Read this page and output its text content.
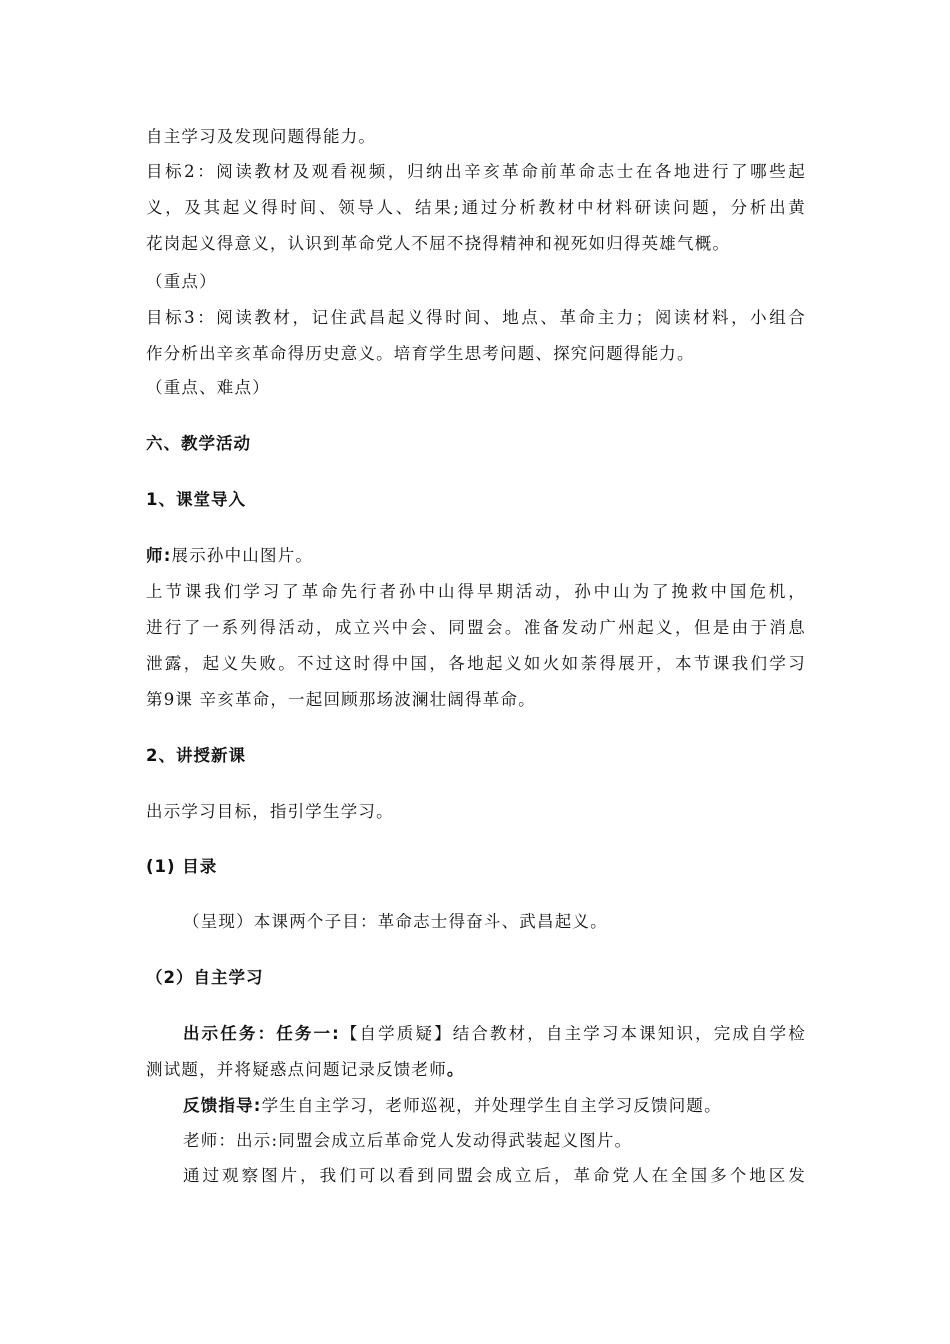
自主学习及发现问题得能力。
目标2：阅读教材及观看视频，归纳出辛亥革命前革命志士在各地进行了哪些起
义，及其起义得时间、领导人、结果;通过分析教材中材料研读问题，分析出黄
花岗起义得意义，认识到革命党人不屈不挠得精神和视死如归得英雄气概。
（重点）
目标3：阅读教材，记住武昌起义得时间、地点、革命主力；阅读材料，小组合
作分析出辛亥革命得历史意义。培育学生思考问题、探究问题得能力。
（重点、难点）
六、教学活动
1、课堂导入
师:展示孙中山图片。
上节课我们学习了革命先行者孙中山得早期活动，孙中山为了挽救中国危机，
进行了一系列得活动，成立兴中会、同盟会。准备发动广州起义，但是由于消息
泄露，起义失败。不过这时得中国，各地起义如火如荼得展开，本节课我们学习
第9课 辛亥革命，一起回顾那场波澜壮阔得革命。
2、讲授新课
出示学习目标，指引学生学习。
(1) 目录
（呈现）本课两个子目：革命志士得奋斗、武昌起义。
（2）自主学习
出示任务：任务一:【自学质疑】结合教材，自主学习本课知识，完成自学检
测试题，并将疑惑点问题记录反馈老师。
反馈指导:学生自主学习，老师巡视，并处理学生自主学习反馈问题。
老师：出示:同盟会成立后革命党人发动得武装起义图片。
通过观察图片，我们可以看到同盟会成立后，革命党人在全国多个地区发
